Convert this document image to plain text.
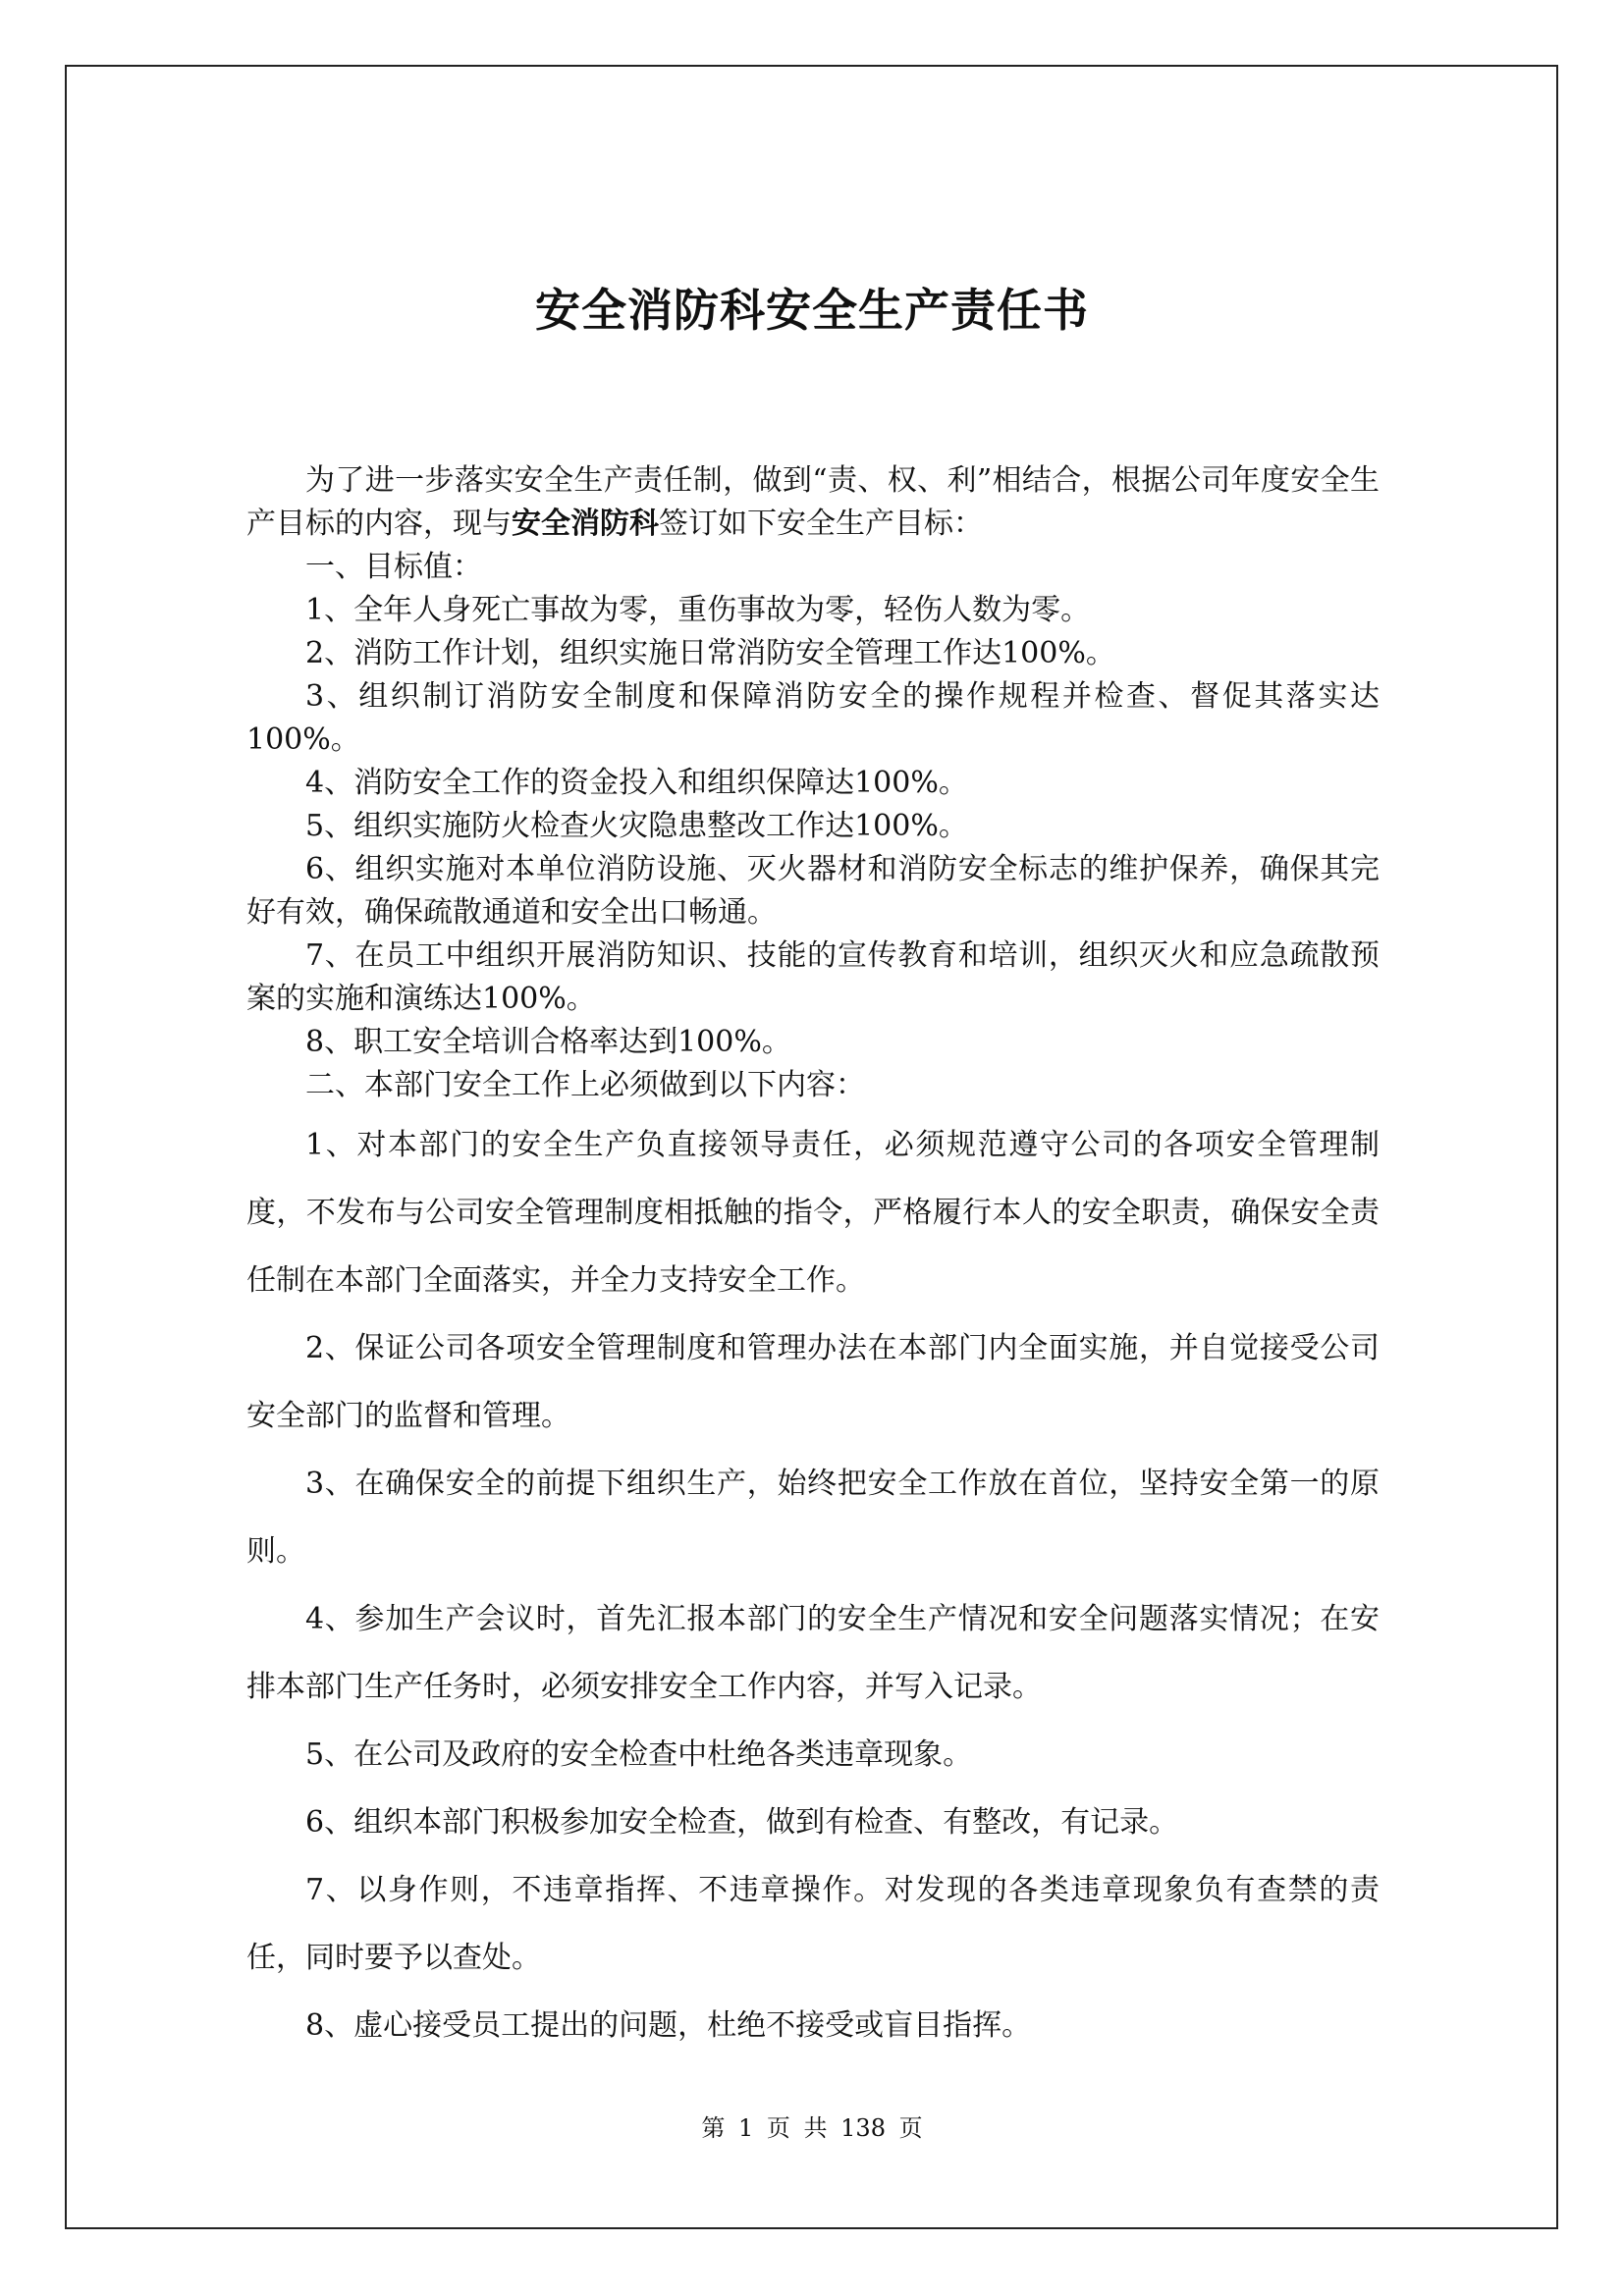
安全消防科安全生产责任书

为了进一步落实安全生产责任制，做到“责、权、利”相结合，根据公司年度安全生产目标的内容，现与安全消防科签订如下安全生产目标：

一、目标值：

1、全年人身死亡事故为零，重伤事故为零，轻伤人数为零。

2、消防工作计划，组织实施日常消防安全管理工作达100%。

3、组织制订消防安全制度和保障消防安全的操作规程并检查、督促其落实达100%。

4、消防安全工作的资金投入和组织保障达100%。

5、组织实施防火检查火灾隐患整改工作达100%。

6、组织实施对本单位消防设施、灭火器材和消防安全标志的维护保养，确保其完好有效，确保疏散通道和安全出口畅通。

7、在员工中组织开展消防知识、技能的宣传教育和培训，组织灭火和应急疏散预案的实施和演练达100%。

8、职工安全培训合格率达到100%。

二、本部门安全工作上必须做到以下内容：

1、对本部门的安全生产负直接领导责任，必须规范遵守公司的各项安全管理制度，不发布与公司安全管理制度相抵触的指令，严格履行本人的安全职责，确保安全责任制在本部门全面落实，并全力支持安全工作。

2、保证公司各项安全管理制度和管理办法在本部门内全面实施，并自觉接受公司安全部门的监督和管理。

3、在确保安全的前提下组织生产，始终把安全工作放在首位，坚持安全第一的原则。

4、参加生产会议时，首先汇报本部门的安全生产情况和安全问题落实情况；在安排本部门生产任务时，必须安排安全工作内容，并写入记录。

5、在公司及政府的安全检查中杜绝各类违章现象。

6、组织本部门积极参加安全检查，做到有检查、有整改，有记录。

7、以身作则，不违章指挥、不违章操作。对发现的各类违章现象负有查禁的责任，同时要予以查处。

8、虚心接受员工提出的问题，杜绝不接受或盲目指挥。

第 1 页 共 138 页
